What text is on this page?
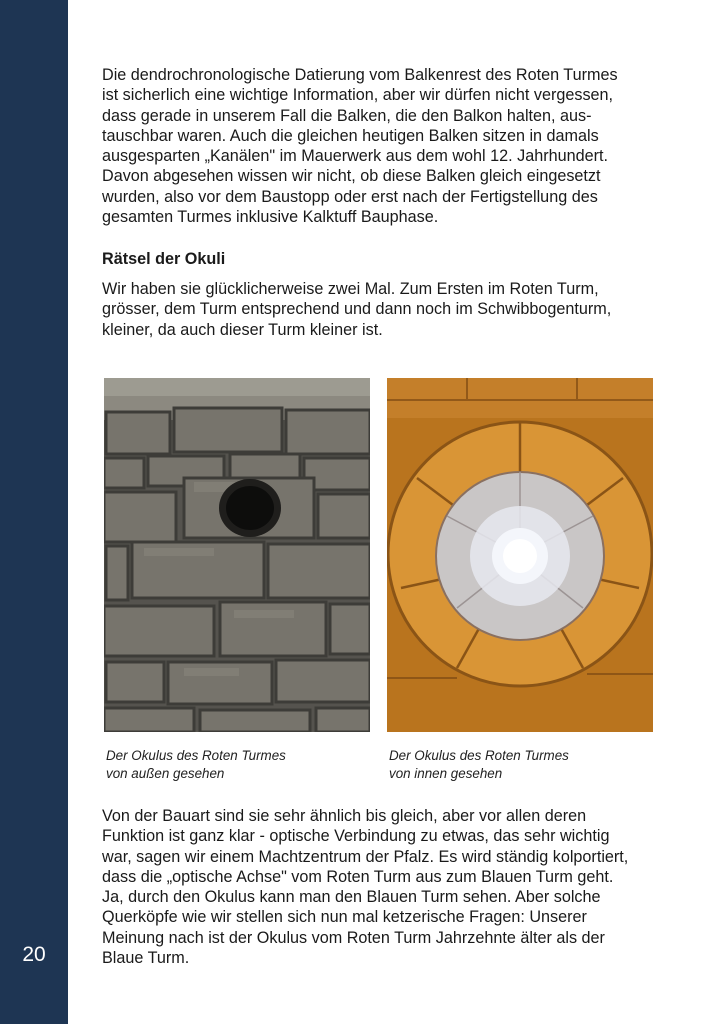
20
Die dendrochronologische Datierung vom Balkenrest des Roten Turmes
ist sicherlich eine wichtige Information, aber wir dürfen nicht vergessen,
dass gerade in unserem Fall die Balken, die den Balkon halten, aus-
tauschbar waren. Auch die gleichen heutigen Balken sitzen in damals
ausgesparten „Kanälen" im Mauerwerk aus dem wohl 12. Jahrhundert.
Davon abgesehen wissen wir nicht, ob diese Balken gleich eingesetzt
wurden, also vor dem Baustopp oder erst nach der Fertigstellung des
gesamten Turmes inklusive Kalktuff Bauphase.
Rätsel der Okuli
Wir haben sie glücklicherweise zwei Mal. Zum Ersten im Roten Turm,
grösser, dem Turm entsprechend und dann noch im Schwibbogenturm,
kleiner, da auch dieser Turm kleiner ist.
Der Okulus des Roten Turmes
von außen gesehen
Der Okulus des Roten Turmes
von innen gesehen
Von der Bauart sind sie sehr ähnlich bis gleich, aber vor allen deren
Funktion ist ganz klar - optische Verbindung zu etwas, das sehr wichtig
war, sagen wir einem Machtzentrum der Pfalz. Es wird ständig kolportiert,
dass die „optische Achse" vom Roten Turm aus zum Blauen Turm geht.
Ja, durch den Okulus kann man den Blauen Turm sehen. Aber solche
Querköpfe wie wir stellen sich nun mal ketzerische Fragen: Unserer
Meinung nach ist der Okulus vom Roten Turm Jahrzehnte älter als der
Blaue Turm.
